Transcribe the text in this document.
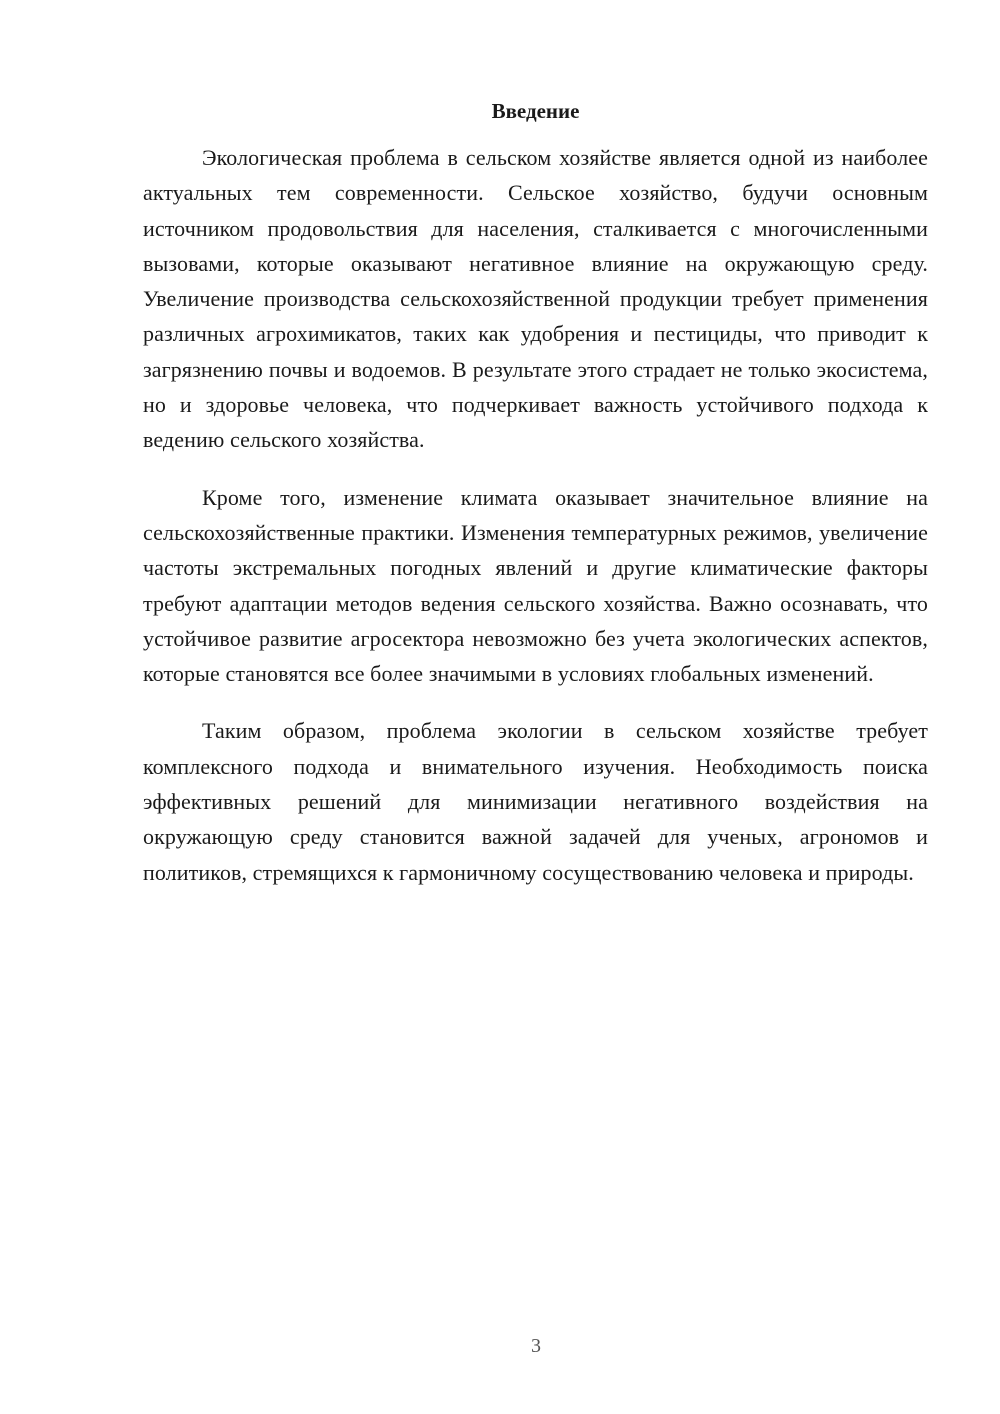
Введение

Экологическая проблема в сельском хозяйстве является одной из наиболее актуальных тем современности. Сельское хозяйство, будучи основным источником продовольствия для населения, сталкивается с многочисленными вызовами, которые оказывают негативное влияние на окружающую среду. Увеличение производства сельскохозяйственной продукции требует применения различных агрохимикатов, таких как удобрения и пестициды, что приводит к загрязнению почвы и водоемов. В результате этого страдает не только экосистема, но и здоровье человека, что подчеркивает важность устойчивого подхода к ведению сельского хозяйства.

Кроме того, изменение климата оказывает значительное влияние на сельскохозяйственные практики. Изменения температурных режимов, увеличение частоты экстремальных погодных явлений и другие климатические факторы требуют адаптации методов ведения сельского хозяйства. Важно осознавать, что устойчивое развитие агросектора невозможно без учета экологических аспектов, которые становятся все более значимыми в условиях глобальных изменений.

Таким образом, проблема экологии в сельском хозяйстве требует комплексного подхода и внимательного изучения. Необходимость поиска эффективных решений для минимизации негативного воздействия на окружающую среду становится важной задачей для ученых, агрономов и политиков, стремящихся к гармоничному сосуществованию человека и природы.

3
